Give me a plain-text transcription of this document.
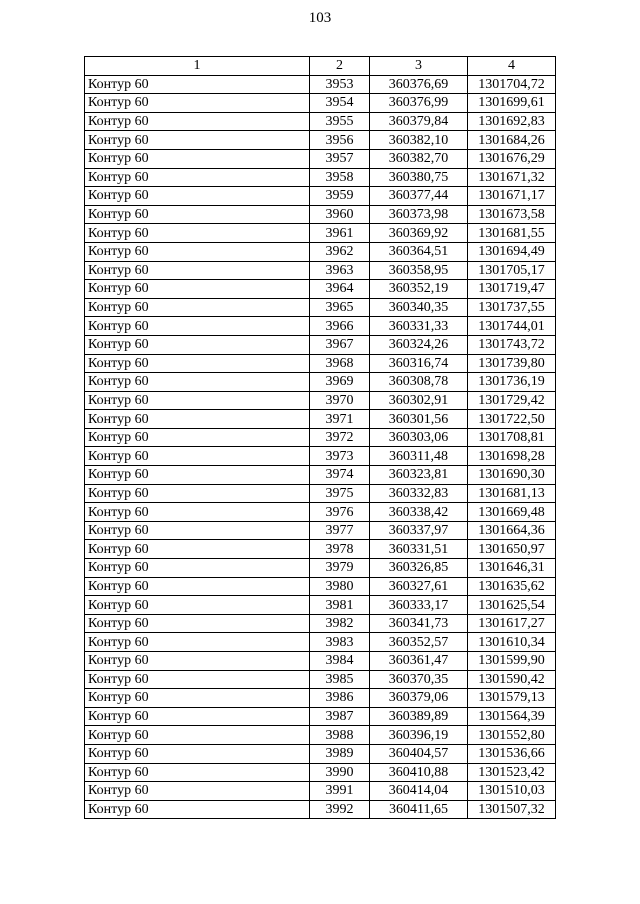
103
1	2	3	4
Контур 60	3953	360376,69	1301704,72
Контур 60	3954	360376,99	1301699,61
Контур 60	3955	360379,84	1301692,83
Контур 60	3956	360382,10	1301684,26
Контур 60	3957	360382,70	1301676,29
Контур 60	3958	360380,75	1301671,32
Контур 60	3959	360377,44	1301671,17
Контур 60	3960	360373,98	1301673,58
Контур 60	3961	360369,92	1301681,55
Контур 60	3962	360364,51	1301694,49
Контур 60	3963	360358,95	1301705,17
Контур 60	3964	360352,19	1301719,47
Контур 60	3965	360340,35	1301737,55
Контур 60	3966	360331,33	1301744,01
Контур 60	3967	360324,26	1301743,72
Контур 60	3968	360316,74	1301739,80
Контур 60	3969	360308,78	1301736,19
Контур 60	3970	360302,91	1301729,42
Контур 60	3971	360301,56	1301722,50
Контур 60	3972	360303,06	1301708,81
Контур 60	3973	360311,48	1301698,28
Контур 60	3974	360323,81	1301690,30
Контур 60	3975	360332,83	1301681,13
Контур 60	3976	360338,42	1301669,48
Контур 60	3977	360337,97	1301664,36
Контур 60	3978	360331,51	1301650,97
Контур 60	3979	360326,85	1301646,31
Контур 60	3980	360327,61	1301635,62
Контур 60	3981	360333,17	1301625,54
Контур 60	3982	360341,73	1301617,27
Контур 60	3983	360352,57	1301610,34
Контур 60	3984	360361,47	1301599,90
Контур 60	3985	360370,35	1301590,42
Контур 60	3986	360379,06	1301579,13
Контур 60	3987	360389,89	1301564,39
Контур 60	3988	360396,19	1301552,80
Контур 60	3989	360404,57	1301536,66
Контур 60	3990	360410,88	1301523,42
Контур 60	3991	360414,04	1301510,03
Контур 60	3992	360411,65	1301507,32
